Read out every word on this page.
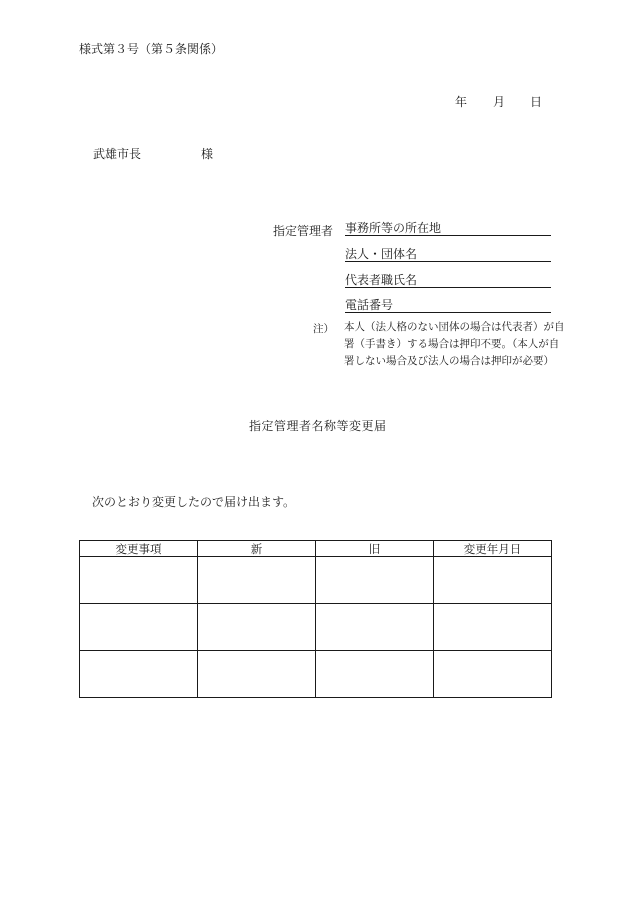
様式第３号（第５条関係）
年 月 日
武雄市長	様
指定管理者 事務所等の所在地
法人・団体名
代表者職氏名
電話番号
注） 本人（法人格のない団体の場合は代表者）が自
署（手書き）する場合は押印不要。（本人が自
署しない場合及び法人の場合は押印が必要）
指定管理者名称等変更届
次のとおり変更したので届け出ます。
変更事項	新	旧	変更年月日
